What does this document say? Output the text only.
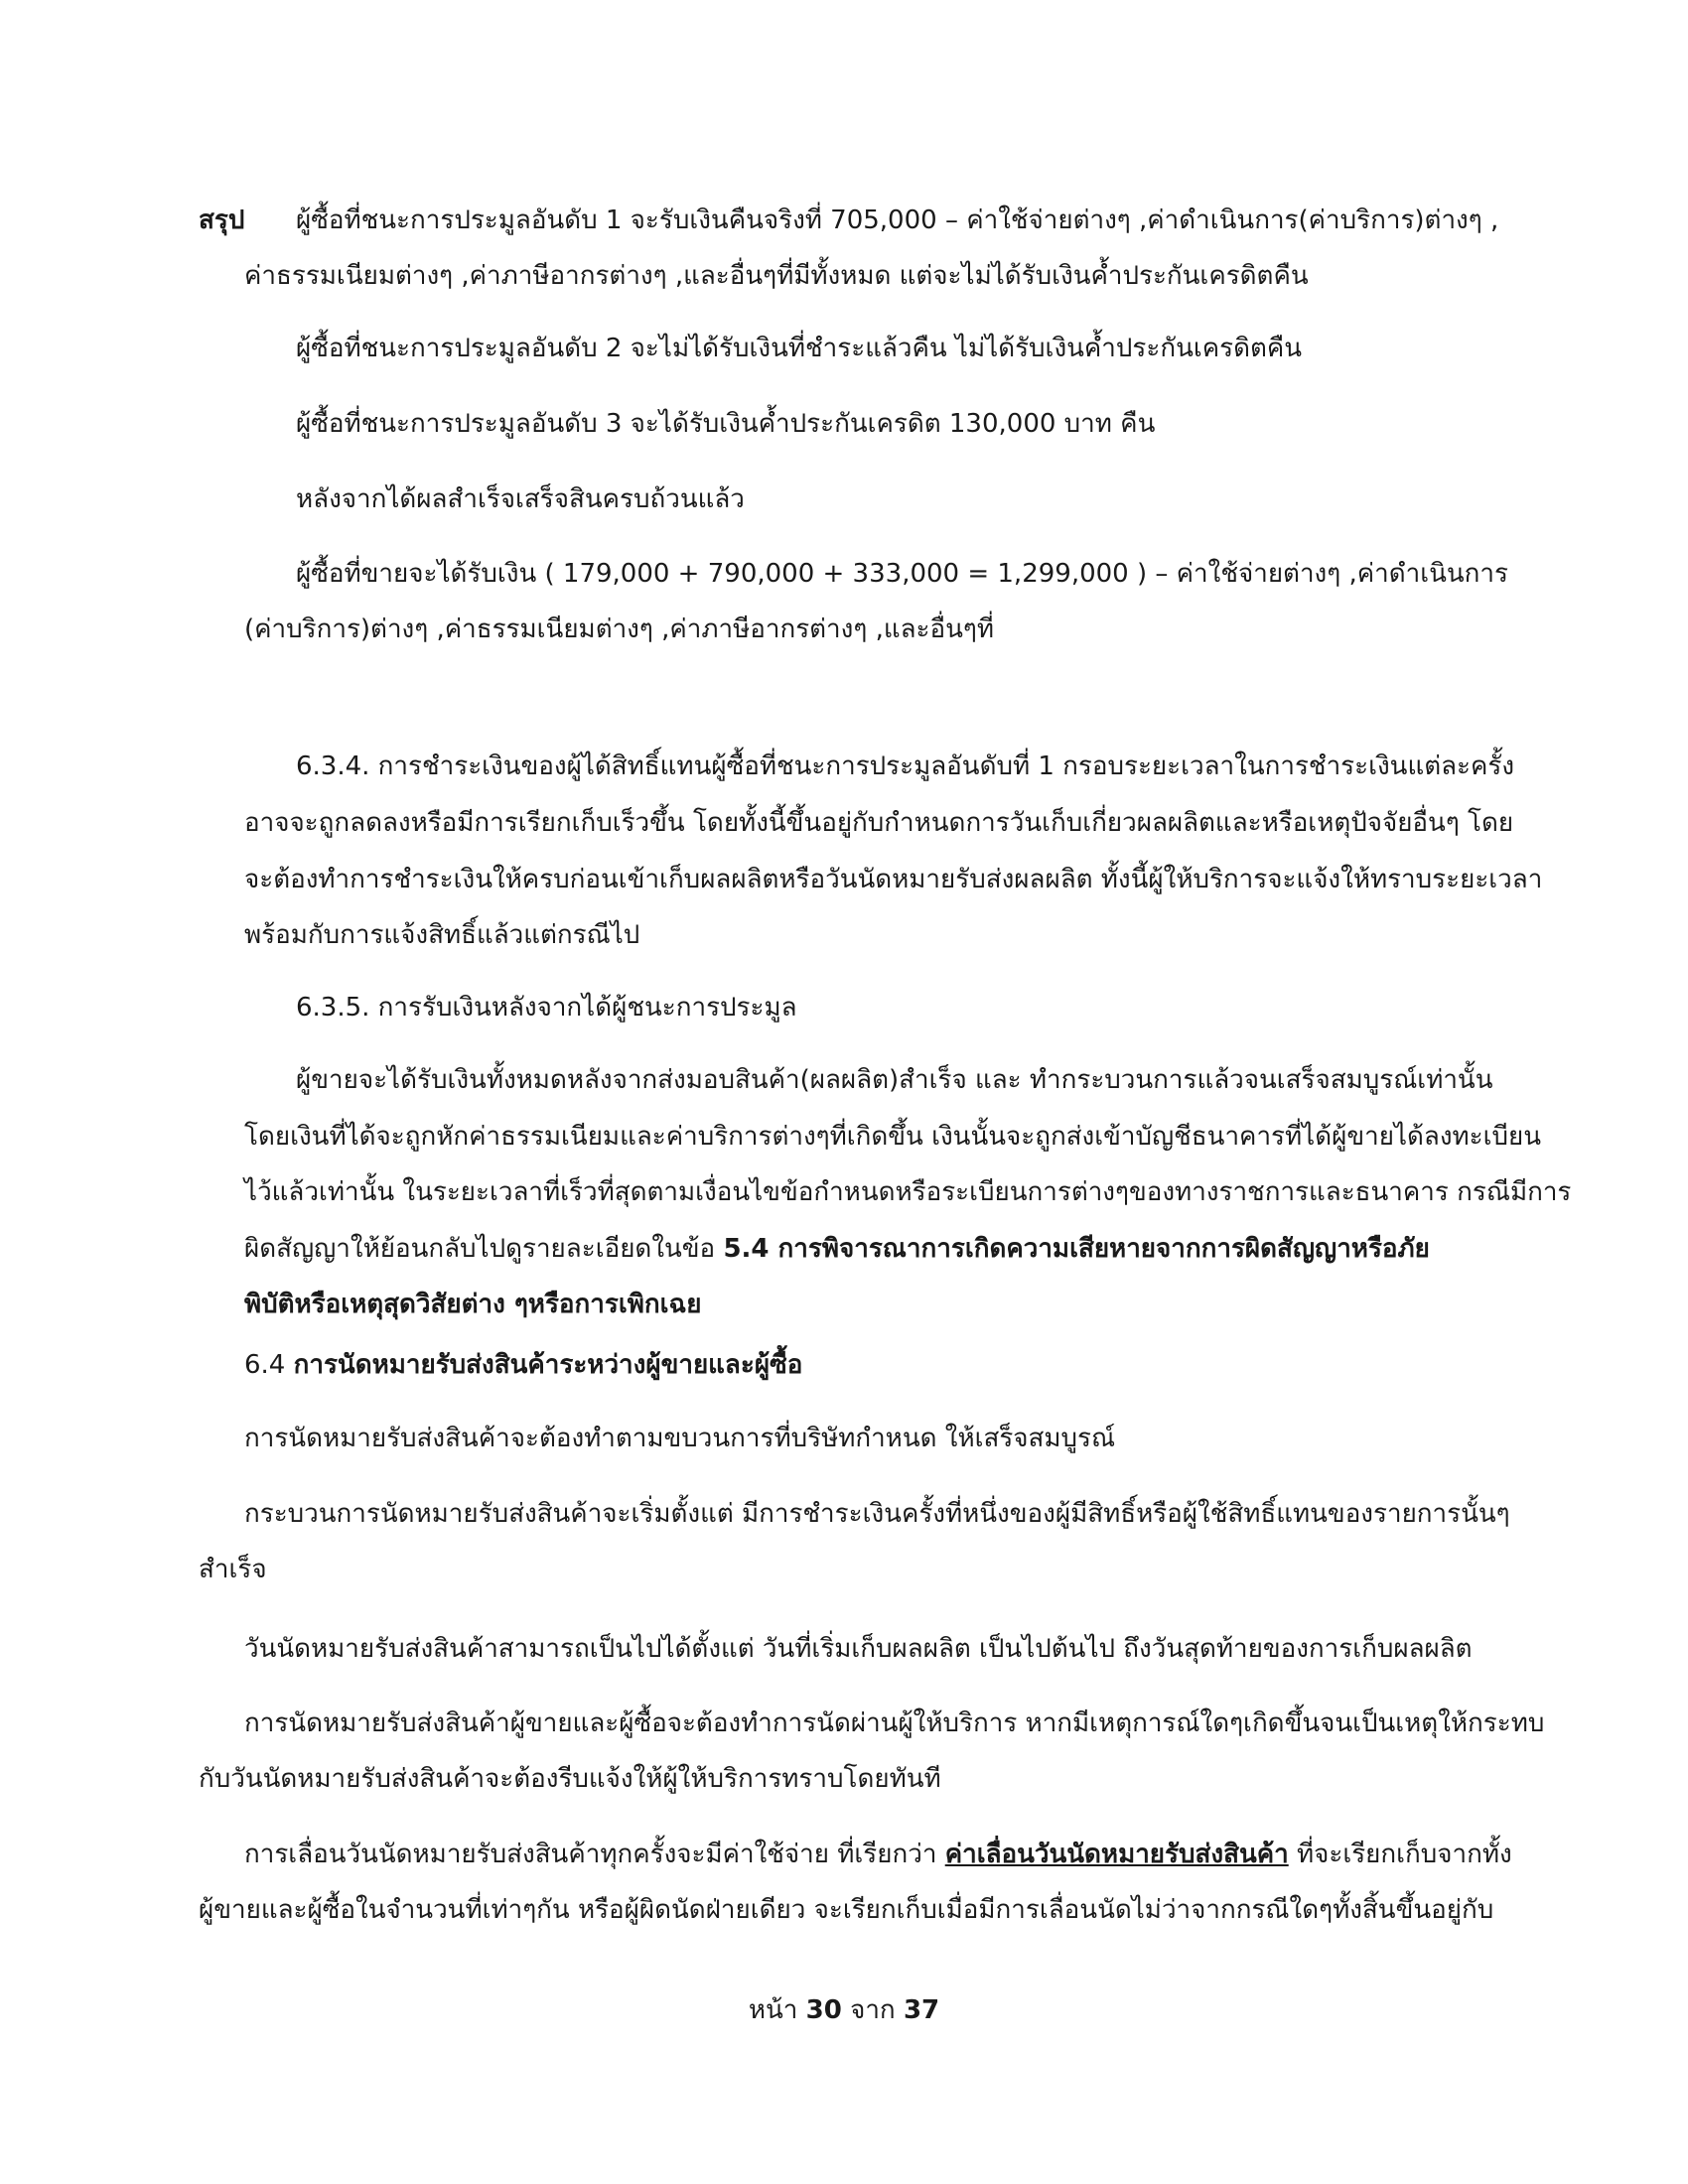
สรุป ผู้ซื้อที่ชนะการประมูลอันดับ 1 จะรับเงินคืนจริงที่ 705,000 – ค่าใช้จ่ายต่างๆ ,ค่าดำเนินการ(ค่าบริการ)ต่างๆ ,
ค่าธรรมเนียมต่างๆ ,ค่าภาษีอากรต่างๆ ,และอื่นๆที่มีทั้งหมด แต่จะไม่ได้รับเงินค้ำประกันเครดิตคืน
ผู้ซื้อที่ชนะการประมูลอันดับ 2 จะไม่ได้รับเงินที่ชำระแล้วคืน ไม่ได้รับเงินค้ำประกันเครดิตคืน
ผู้ซื้อที่ชนะการประมูลอันดับ 3 จะได้รับเงินค้ำประกันเครดิต 130,000 บาท คืน
หลังจากได้ผลสำเร็จเสร็จสินครบถ้วนแล้ว
ผู้ซื้อที่ขายจะได้รับเงิน ( 179,000 + 790,000 + 333,000 = 1,299,000 ) – ค่าใช้จ่ายต่างๆ ,ค่าดำเนินการ
(ค่าบริการ)ต่างๆ ,ค่าธรรมเนียมต่างๆ ,ค่าภาษีอากรต่างๆ ,และอื่นๆที่
6.3.4. การชำระเงินของผู้ได้สิทธิ์แทนผู้ซื้อที่ชนะการประมูลอันดับที่ 1 กรอบระยะเวลาในการชำระเงินแต่ละครั้ง
อาจจะถูกลดลงหรือมีการเรียกเก็บเร็วขึ้น โดยทั้งนี้ขึ้นอยู่กับกำหนดการวันเก็บเกี่ยวผลผลิตและหรือเหตุปัจจัยอื่นๆ โดย
จะต้องทำการชำระเงินให้ครบก่อนเข้าเก็บผลผลิตหรือวันนัดหมายรับส่งผลผลิต ทั้งนี้ผู้ให้บริการจะแจ้งให้ทราบระยะเวลา
พร้อมกับการแจ้งสิทธิ์แล้วแต่กรณีไป
6.3.5. การรับเงินหลังจากได้ผู้ชนะการประมูล
ผู้ขายจะได้รับเงินทั้งหมดหลังจากส่งมอบสินค้า(ผลผลิต)สำเร็จ และ ทำกระบวนการแล้วจนเสร็จสมบูรณ์เท่านั้น
โดยเงินที่ได้จะถูกหักค่าธรรมเนียมและค่าบริการต่างๆที่เกิดขึ้น เงินนั้นจะถูกส่งเข้าบัญชีธนาคารที่ได้ผู้ขายได้ลงทะเบียน
ไว้แล้วเท่านั้น ในระยะเวลาที่เร็วที่สุดตามเงื่อนไขข้อกำหนดหรือระเบียนการต่างๆของทางราชการและธนาคาร กรณีมีการ
ผิดสัญญาให้ย้อนกลับไปดูรายละเอียดในข้อ 5.4 การพิจารณาการเกิดความเสียหายจากการผิดสัญญาหรือภัย
พิบัติหรือเหตุสุดวิสัยต่าง ๆหรือการเพิกเฉย
6.4 การนัดหมายรับส่งสินค้าระหว่างผู้ขายและผู้ซื้อ
การนัดหมายรับส่งสินค้าจะต้องทำตามขบวนการที่บริษัทกำหนด ให้เสร็จสมบูรณ์
กระบวนการนัดหมายรับส่งสินค้าจะเริ่มตั้งแต่ มีการชำระเงินครั้งที่หนึ่งของผู้มีสิทธิ์หรือผู้ใช้สิทธิ์แทนของรายการนั้นๆ
สำเร็จ
วันนัดหมายรับส่งสินค้าสามารถเป็นไปได้ตั้งแต่ วันที่เริ่มเก็บผลผลิต เป็นไปต้นไป ถึงวันสุดท้ายของการเก็บผลผลิต
การนัดหมายรับส่งสินค้าผู้ขายและผู้ซื้อจะต้องทำการนัดผ่านผู้ให้บริการ หากมีเหตุการณ์ใดๆเกิดขึ้นจนเป็นเหตุให้กระทบ
กับวันนัดหมายรับส่งสินค้าจะต้องรีบแจ้งให้ผู้ให้บริการทราบโดยทันที
การเลื่อนวันนัดหมายรับส่งสินค้าทุกครั้งจะมีค่าใช้จ่าย ที่เรียกว่า ค่าเลื่อนวันนัดหมายรับส่งสินค้า ที่จะเรียกเก็บจากทั้ง
ผู้ขายและผู้ซื้อในจำนวนที่เท่าๆกัน หรือผู้ผิดนัดฝ่ายเดียว จะเรียกเก็บเมื่อมีการเลื่อนนัดไม่ว่าจากกรณีใดๆทั้งสิ้นขึ้นอยู่กับ
หน้า 30 จาก 37
